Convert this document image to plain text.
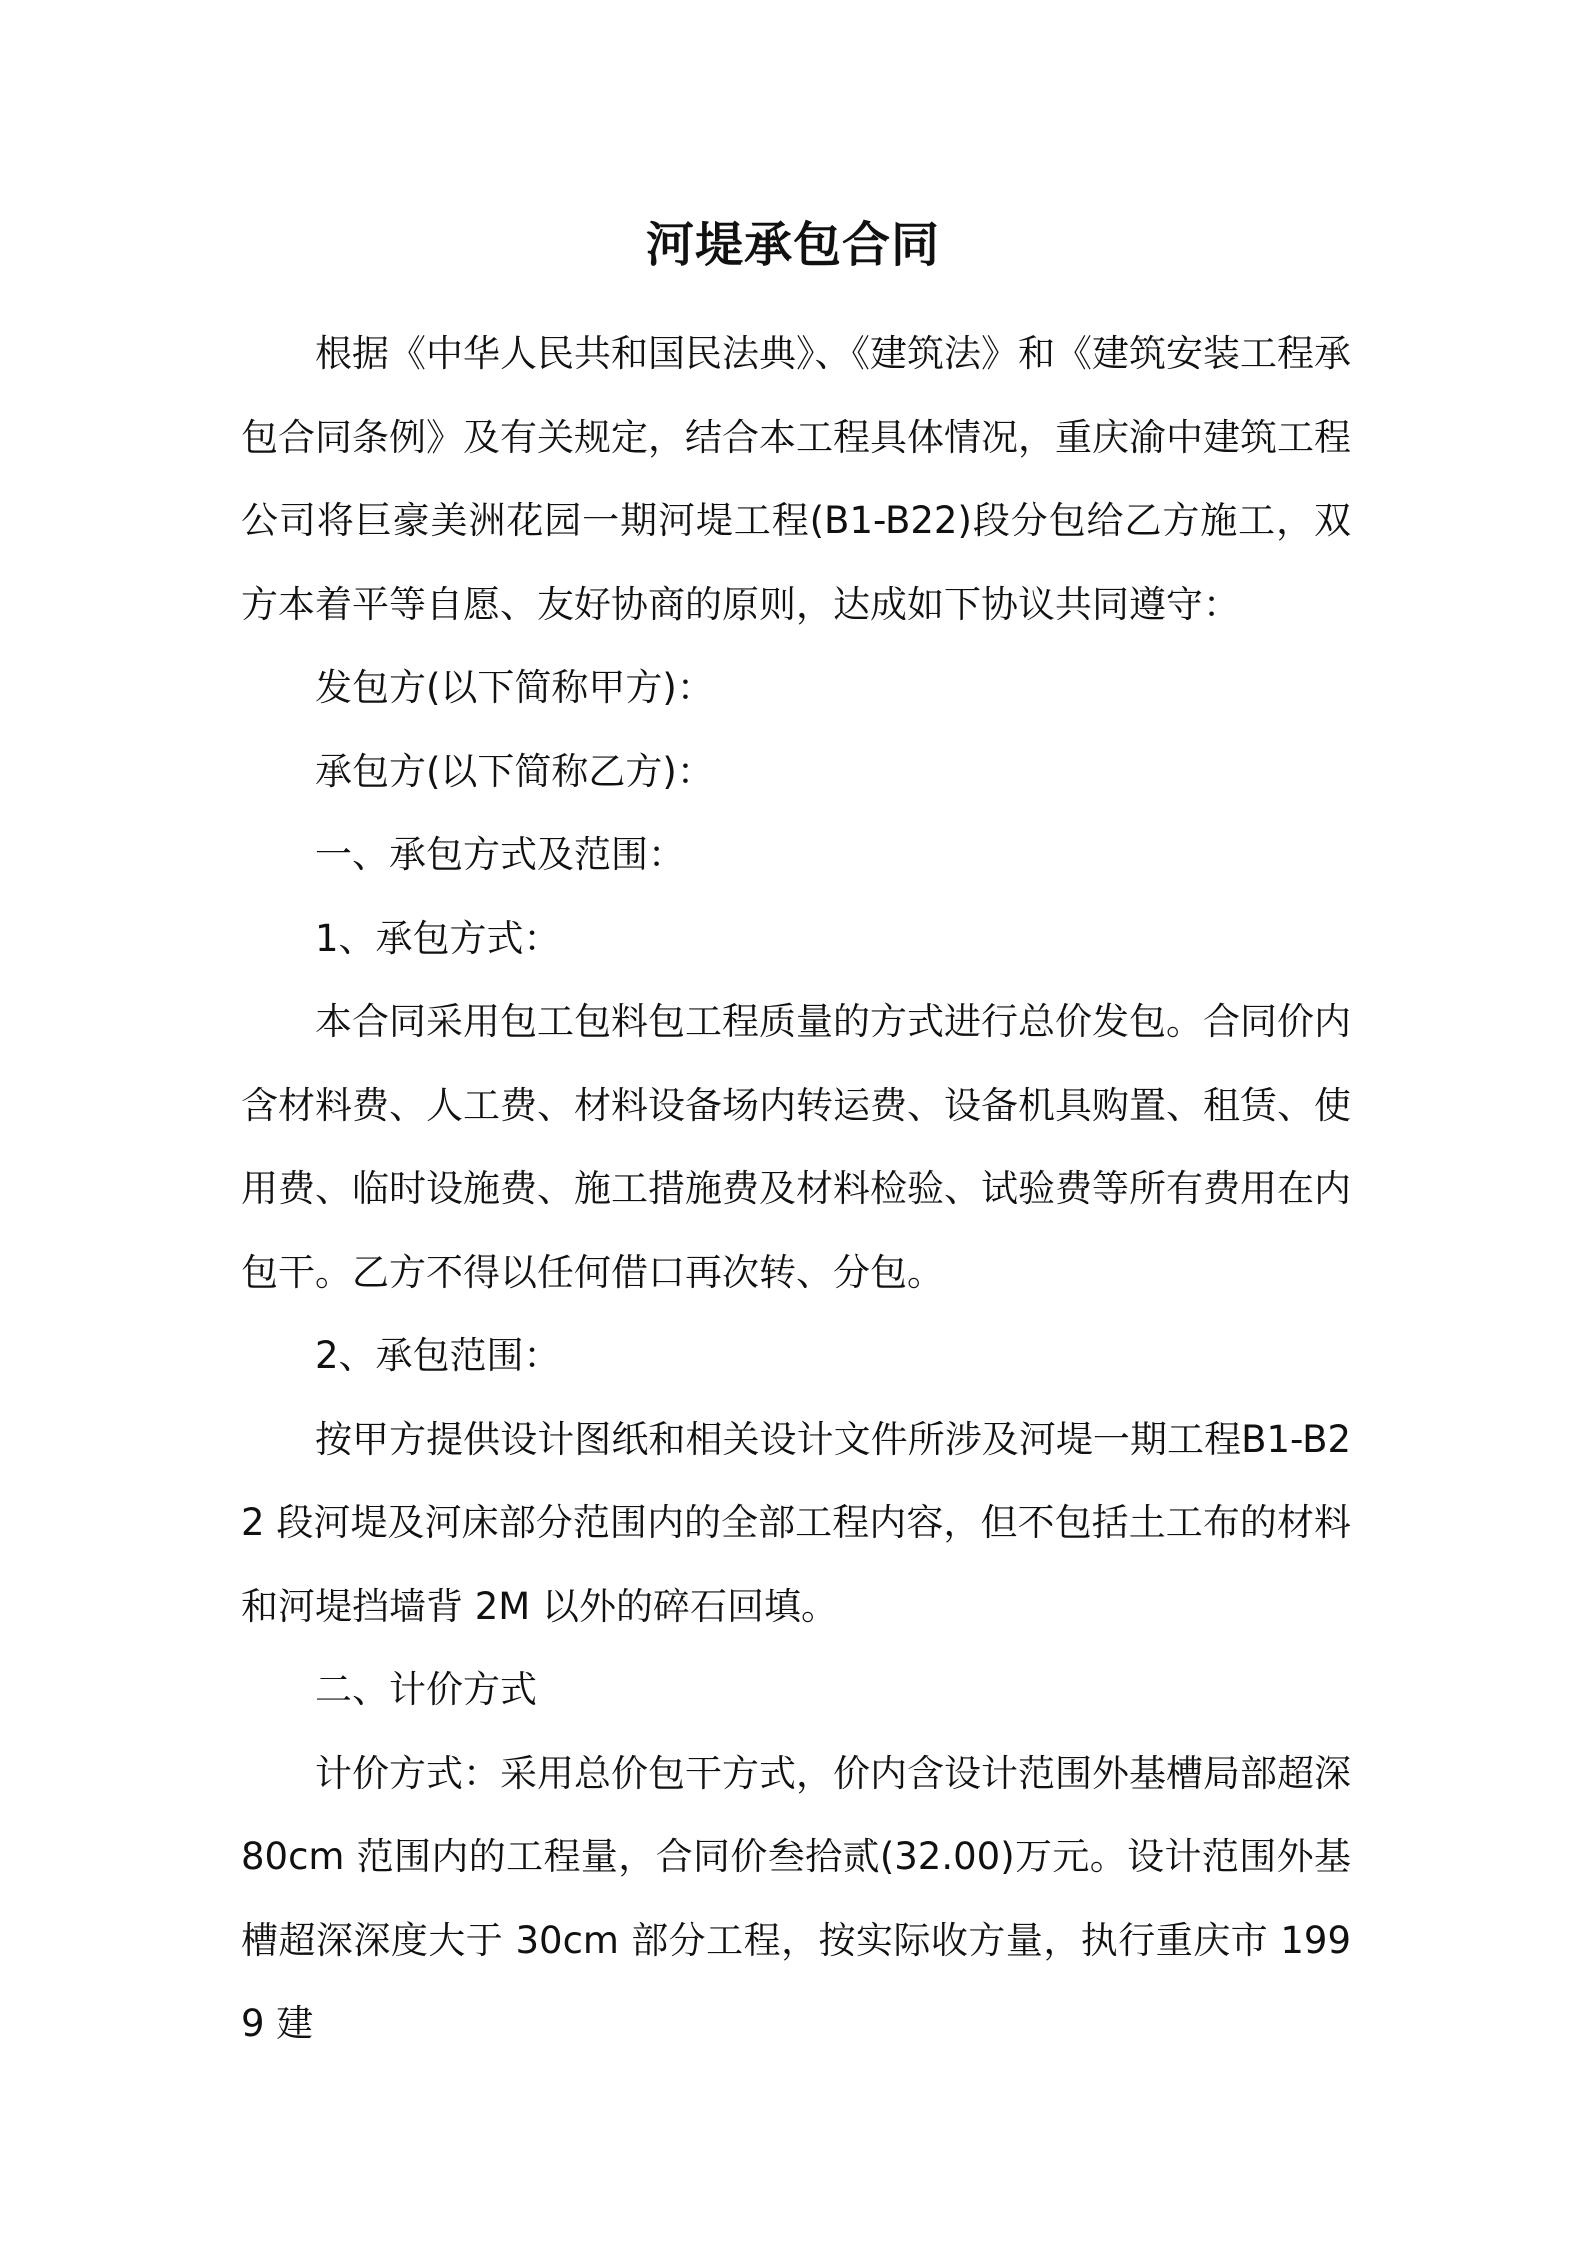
河堤承包合同

根据《中华人民共和国民法典》、《建筑法》和《建筑安装工程承包合同条例》及有关规定，结合本工程具体情况，重庆渝中建筑工程公司将巨豪美洲花园一期河堤工程(B1-B22)段分包给乙方施工，双方本着平等自愿、友好协商的原则，达成如下协议共同遵守：

发包方(以下简称甲方)：

承包方(以下简称乙方)：

一、承包方式及范围：

1、承包方式：

本合同采用包工包料包工程质量的方式进行总价发包。合同价内含材料费、人工费、材料设备场内转运费、设备机具购置、租赁、使用费、临时设施费、施工措施费及材料检验、试验费等所有费用在内包干。乙方不得以任何借口再次转、分包。

2、承包范围：

按甲方提供设计图纸和相关设计文件所涉及河堤一期工程B1-B22 段河堤及河床部分范围内的全部工程内容，但不包括土工布的材料和河堤挡墙背 2M 以外的碎石回填。

二、计价方式

计价方式：采用总价包干方式，价内含设计范围外基槽局部超深80cm 范围内的工程量，合同价叁拾贰(32.00)万元。设计范围外基槽超深深度大于 30cm 部分工程，按实际收方量，执行重庆市 1999 建
